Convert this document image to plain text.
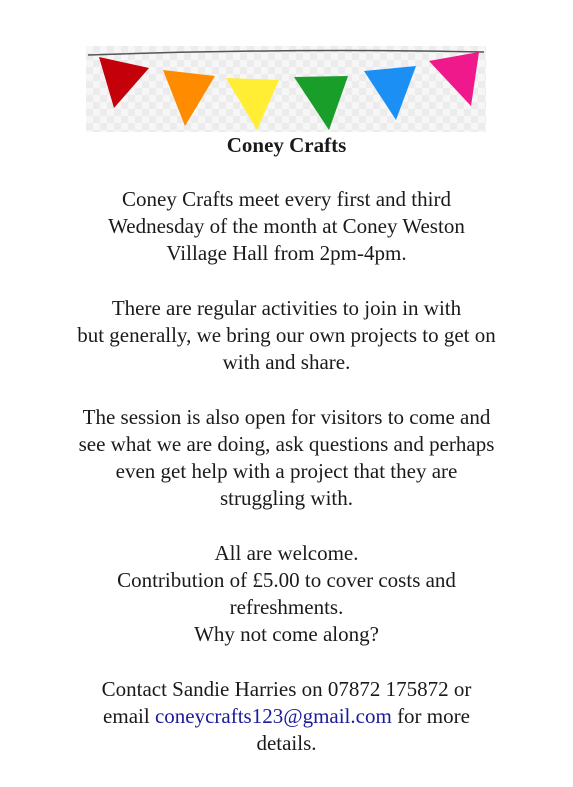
Coney Crafts

Coney Crafts meet every first and third
Wednesday of the month at Coney Weston
Village Hall from 2pm-4pm.

There are regular activities to join in with
but generally, we bring our own projects to get on
with and share.

The session is also open for visitors to come and
see what we are doing, ask questions and perhaps
even get help with a project that they are
struggling with.

All are welcome.
Contribution of £5.00 to cover costs and
refreshments.
Why not come along?

Contact Sandie Harries on 07872 175872 or
email coneycrafts123@gmail.com for more
details.
